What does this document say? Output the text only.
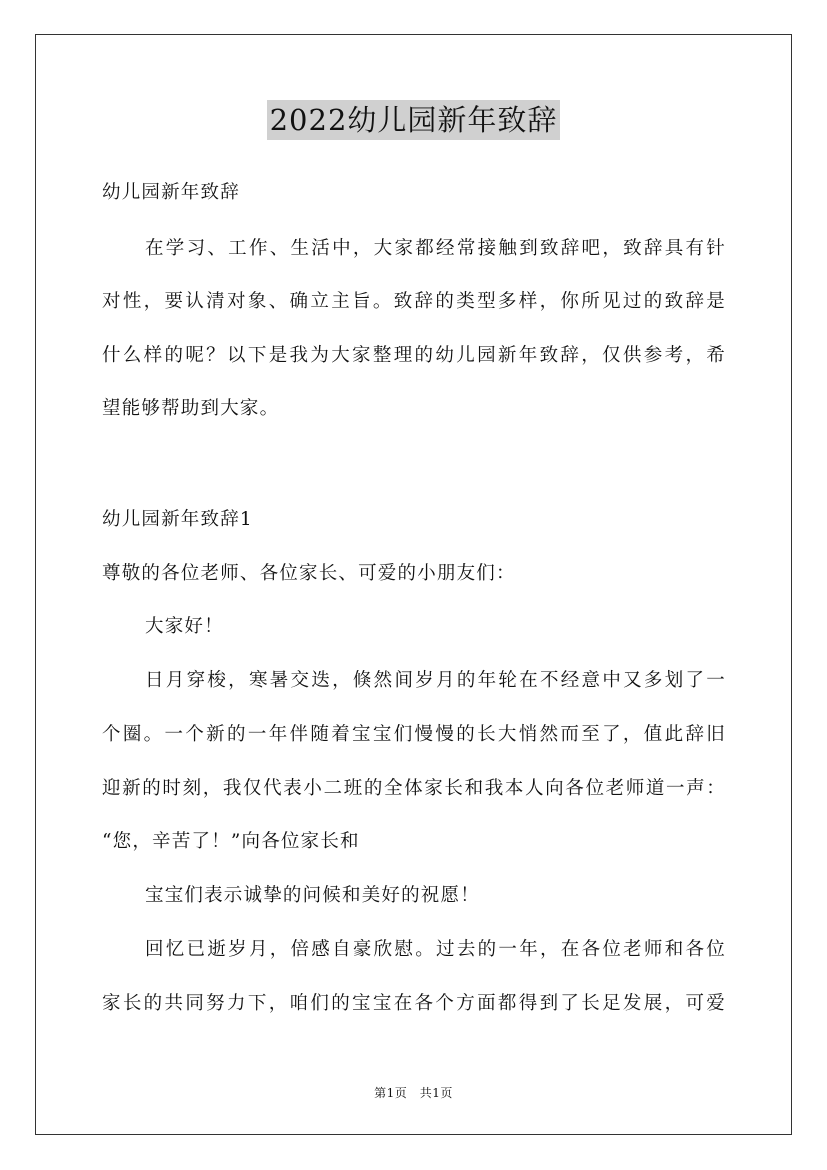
2022幼儿园新年致辞
幼儿园新年致辞
在学习、工作、生活中，大家都经常接触到致辞吧，致辞具有针
对性，要认清对象、确立主旨。致辞的类型多样，你所见过的致辞是
什么样的呢？以下是我为大家整理的幼儿园新年致辞，仅供参考，希
望能够帮助到大家。
幼儿园新年致辞1
尊敬的各位老师、各位家长、可爱的小朋友们：
大家好！
日月穿梭，寒暑交迭，倏然间岁月的年轮在不经意中又多划了一
个圈。一个新的一年伴随着宝宝们慢慢的长大悄然而至了，值此辞旧
迎新的时刻，我仅代表小二班的全体家长和我本人向各位老师道一声：
“您，辛苦了！”向各位家长和
宝宝们表示诚挚的问候和美好的祝愿！
回忆已逝岁月，倍感自豪欣慰。过去的一年，在各位老师和各位
家长的共同努力下，咱们的宝宝在各个方面都得到了长足发展，可爱
第1页　共1页
